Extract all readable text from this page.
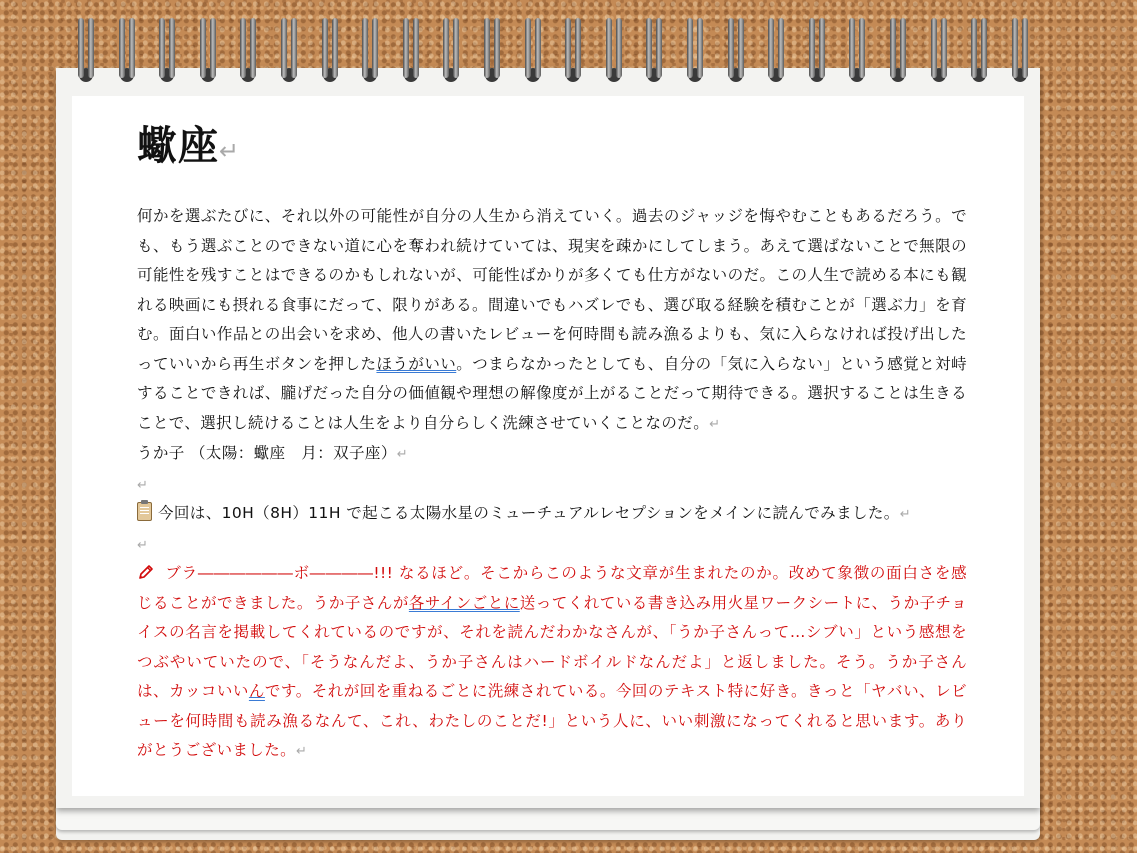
蠍座↵

何かを選ぶたびに、それ以外の可能性が自分の人生から消えていく。過去のジャッジを悔やむこともあるだろう。でも、もう選ぶことのできない道に心を奪われ続けていては、現実を疎かにしてしまう。あえて選ばないことで無限の可能性を残すことはできるのかもしれないが、可能性ばかりが多くても仕方がないのだ。この人生で読める本にも観れる映画にも摂れる食事にだって、限りがある。間違いでもハズレでも、選び取る経験を積むことが「選ぶ力」を育む。面白い作品との出会いを求め、他人の書いたレビューを何時間も読み漁るよりも、気に入らなければ投げ出したっていいから再生ボタンを押したほうがいい。つまらなかったとしても、自分の「気に入らない」という感覚と対峙することできれば、朧げだった自分の価値観や理想の解像度が上がることだって期待できる。選択することは生きることで、選択し続けることは人生をより自分らしく洗練させていくことなのだ。↵

うか子 （太陽：蠍座　月：双子座）↵

↵

今回は、10H（8H）11H で起こる太陽水星のミューチュアルレセプションをメインに読んでみました。↵

↵

ブラ――――――ボ――――!!! なるほど。そこからこのような文章が生まれたのか。改めて象徴の面白さを感じることができました。うか子さんが各サインごとに送ってくれている書き込み用火星ワークシートに、うか子チョイスの名言を掲載してくれているのですが、それを読んだわかなさんが、「うか子さんって…シブい」という感想をつぶやいていたので、「そうなんだよ、うか子さんはハードボイルドなんだよ」と返しました。そう。うか子さんは、カッコいいんです。それが回を重ねるごとに洗練されている。今回のテキスト特に好き。きっと「ヤバい、レビューを何時間も読み漁るなんて、これ、わたしのことだ!」という人に、いい刺激になってくれると思います。ありがとうございました。↵
